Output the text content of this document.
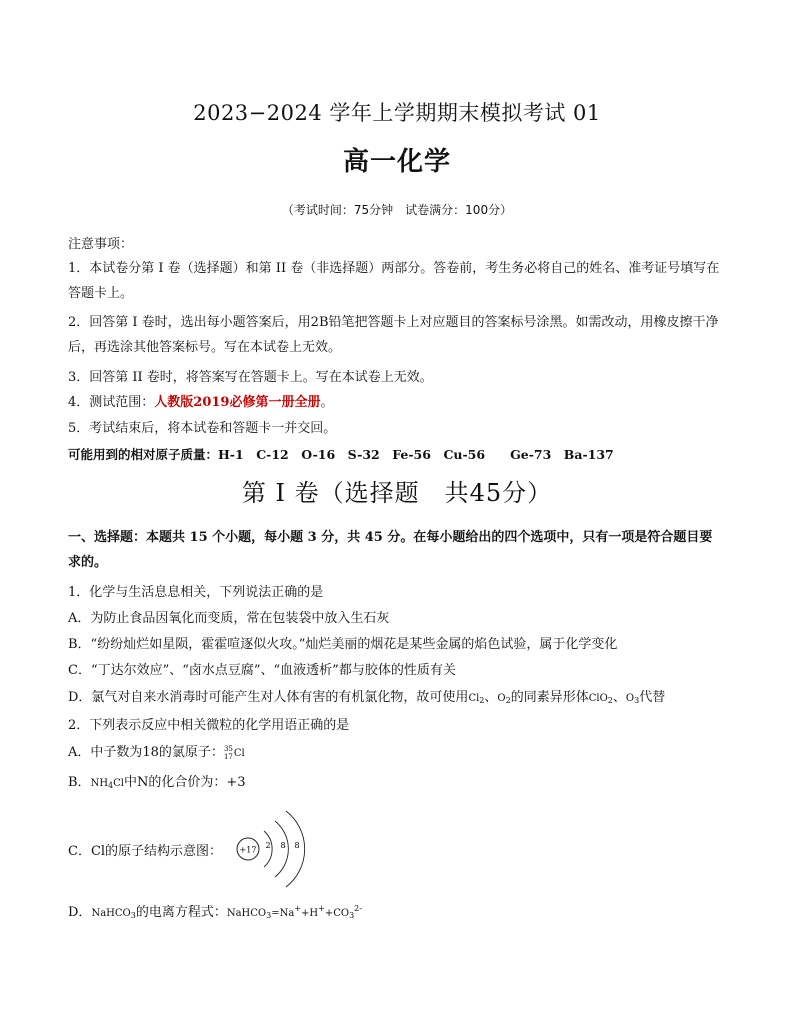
2023−2024 学年上学期期末模拟考试 01
高一化学
（考试时间：75分钟　试卷满分：100分）
注意事项：
1．本试卷分第 I 卷（选择题）和第 II 卷（非选择题）两部分。答卷前，考生务必将自己的姓名、准考证号填写在答题卡上。
2．回答第 I 卷时，选出每小题答案后，用2B铅笔把答题卡上对应题目的答案标号涂黑。如需改动，用橡皮擦干净后，再选涂其他答案标号。写在本试卷上无效。
3．回答第 II 卷时，将答案写在答题卡上。写在本试卷上无效。
4．测试范围：人教版2019必修第一册全册。
5．考试结束后，将本试卷和答题卡一并交回。
可能用到的相对原子质量：H-1　C-12　O-16　S-32　Fe-56　Cu-56　　Ge-73　Ba-137
第 I 卷（选择题　共45分）
一、选择题：本题共 15 个小题，每小题 3 分，共 45 分。在每小题给出的四个选项中，只有一项是符合题目要求的。
1．化学与生活息息相关，下列说法正确的是
A．为防止食品因氧化而变质，常在包装袋中放入生石灰
B．“纷纷灿烂如星陨，霍霍喧逐似火攻。”灿烂美丽的烟花是某些金属的焰色试验，属于化学变化
C．“丁达尔效应”、“卤水点豆腐”、“血液透析”都与胶体的性质有关
D．氯气对自来水消毒时可能产生对人体有害的有机氯化物，故可使用$Cl_2$、$O_2$的同素异形体ClO$_2$、$O_3$代替
2．下列表示反应中相关微粒的化学用语正确的是
A．中子数为18的氯原子：35
17Cl
B．$NH_4Cl$中N的化合价为：+3
C．Cl的原子结构示意图： +17 2 8 8
D．NaHCO$_3$的电离方程式：$NaHCO_3=Na^++H^++CO_3^{2-}$
